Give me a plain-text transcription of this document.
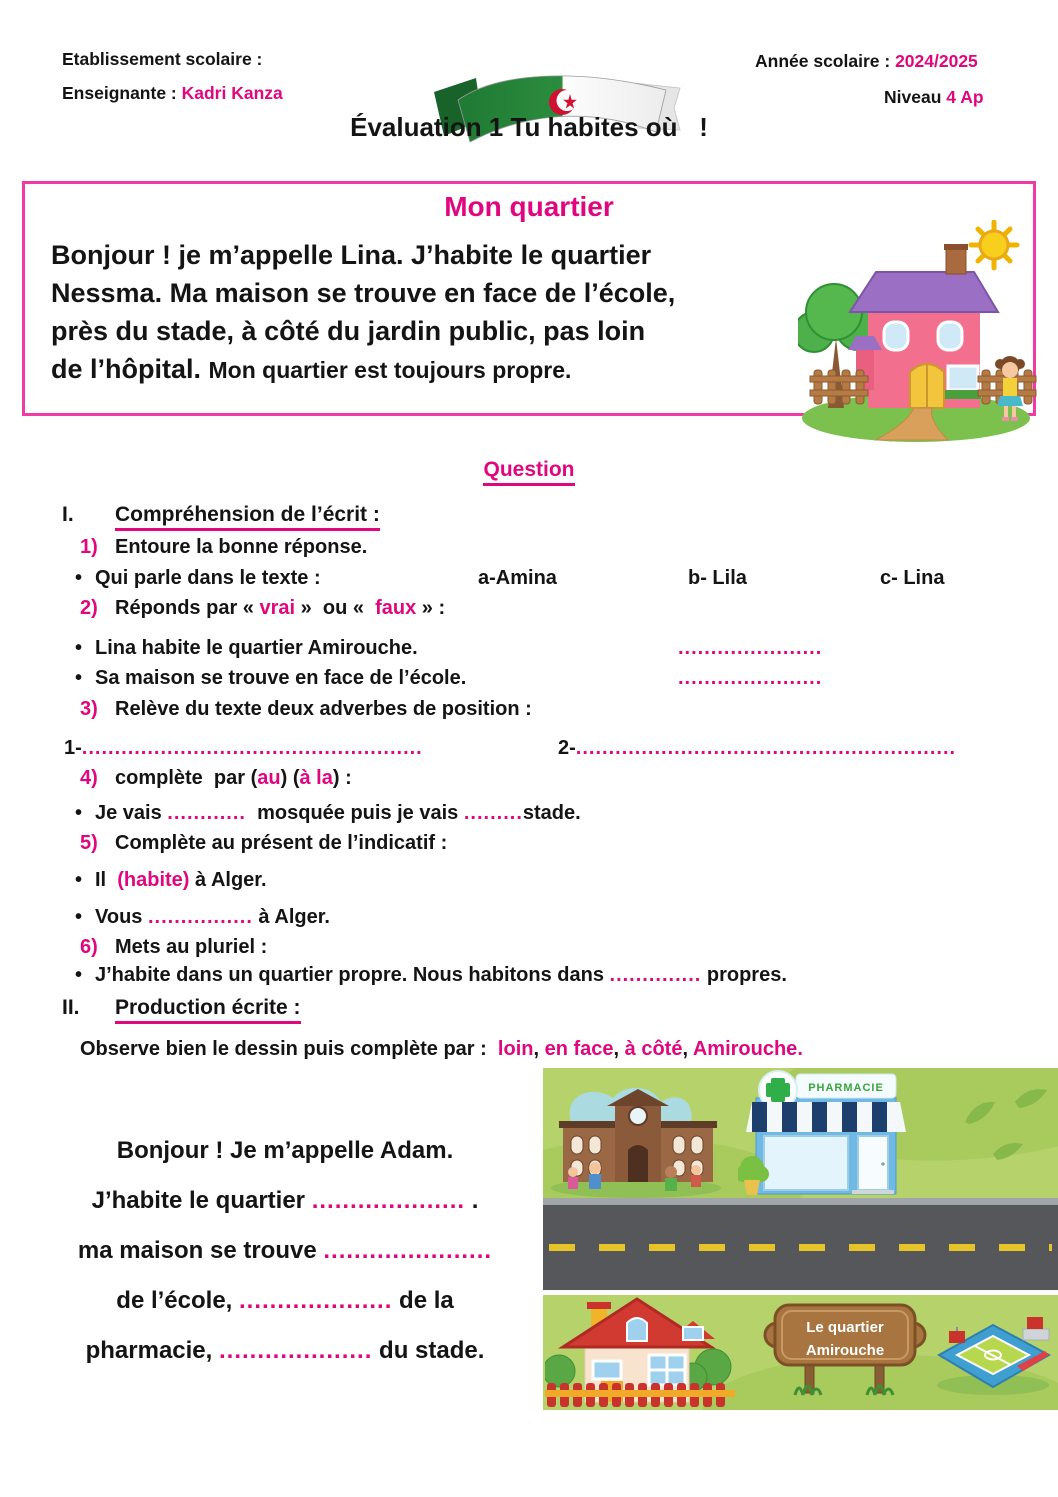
Etablissement scolaire :
Enseignante : Kadri Kanza

Année scolaire : 2024/2025
Niveau 4 Ap
Évaluation 1 Tu habites où   !
Mon quartier
Bonjour ! je m’appelle Lina. J’habite le quartier
Nessma. Ma maison se trouve en face de l’école,
près du stade, à côté du jardin public, pas loin
de l’hôpital. Mon quartier est toujours propre.

Question
I. Compréhension de l’écrit :
1) Entoure la bonne réponse.
• Qui parle dans le texte :	a-Amina	b- Lila	c- Lina
2) Réponds par « vrai »  ou «  faux » :
• Lina habite le quartier Amirouche.	......................
• Sa maison se trouve en face de l’école.	......................
3) Relève du texte deux adverbes de position :
1-....................................................	2-..........................................................
4) complète  par (au) (à la) :
• Je vais ............  mosquée puis je vais .........stade.
5) Complète au présent de l’indicatif :
• Il  (habite) à Alger.
• Vous ................ à Alger.
6) Mets au pluriel :
• J’habite dans un quartier propre. Nous habitons dans .............. propres.
II. Production écrite :
Observe bien le dessin puis complète par :  loin, en face, à côté, Amirouche.
Bonjour ! Je m’appelle Adam.
J’habite le quartier .................... .
ma maison se trouve ......................
de l’école, .................... de la
pharmacie, .................... du stade.
PHARMACIE
Le quartier
Amirouche
